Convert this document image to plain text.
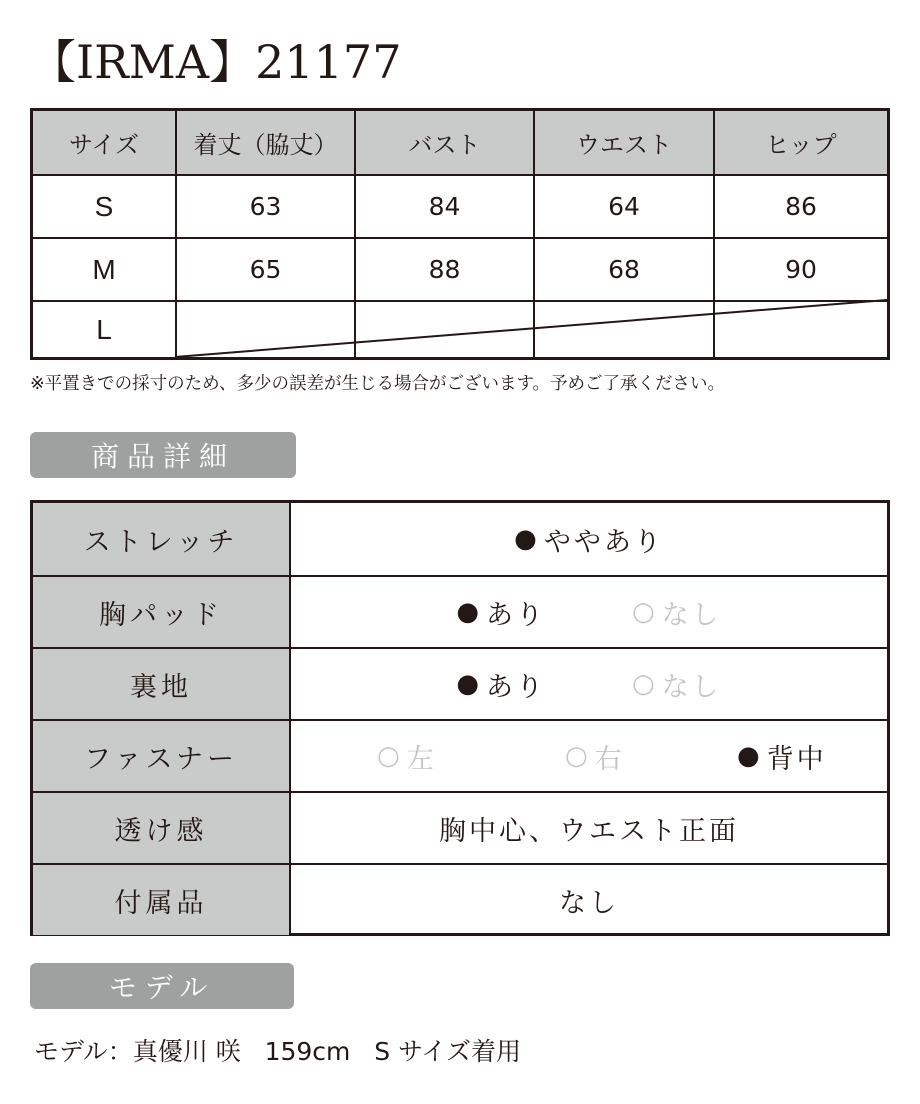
【IRMA】21177
サイズ	着丈（脇丈）	バスト	ウエスト	ヒップ
S	63	84	64	86
M	65	88	68	90
L
※平置きでの採寸のため、多少の誤差が生じる場合がございます。予めご了承ください。
商品詳細
ストレッチ	● ややあり
胸パッド	● あり	○ なし
裏地	● あり	○ なし
ファスナー	○ 左	○ 右	● 背中
透け感	胸中心、ウエスト正面
付属品	なし
モデル
モデル：真優川 咲 159cm S サイズ着用
